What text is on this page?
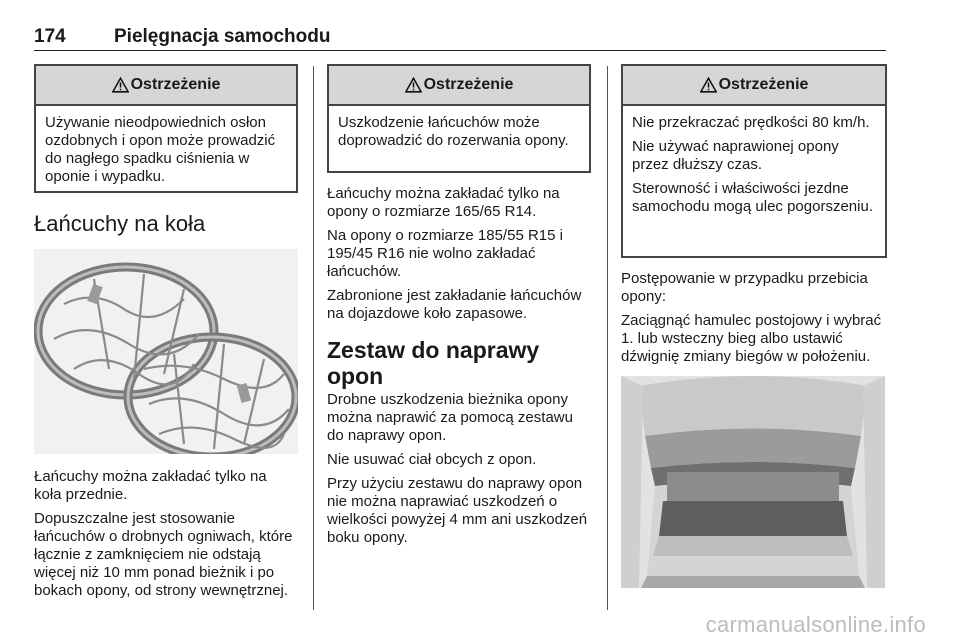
174	Pielęgnacja samochodu
Ostrzeżenie

Używanie nieodpowiednich osłon ozdobnych i opon może prowadzić do nagłego spadku ciśnienia w oponie i wypadku.

Łańcuchy na koła

Łańcuchy można zakładać tylko na koła przednie.

Dopuszczalne jest stosowanie łańcuchów o drobnych ogniwach, które łącznie z zamknięciem nie odstają więcej niż 10 mm ponad bieżnik i po bokach opony, od strony wewnętrznej.

Ostrzeżenie

Uszkodzenie łańcuchów może doprowadzić do rozerwania opony.

Łańcuchy można zakładać tylko na opony o rozmiarze 165/65 R14.

Na opony o rozmiarze 185/55 R15 i 195/45 R16 nie wolno zakładać łańcuchów.

Zabronione jest zakładanie łańcuchów na dojazdowe koło zapasowe.

Zestaw do naprawy opon

Drobne uszkodzenia bieżnika opony można naprawić za pomocą zestawu do naprawy opon.

Nie usuwać ciał obcych z opon.

Przy użyciu zestawu do naprawy opon nie można naprawiać uszkodzeń o wielkości powyżej 4 mm ani uszkodzeń boku opony.

Ostrzeżenie

Nie przekraczać prędkości 80 km/h.

Nie używać naprawionej opony przez dłuższy czas.

Sterowność i właściwości jezdne samochodu mogą ulec pogorszeniu.

Postępowanie w przypadku przebicia opony:

Zaciągnąć hamulec postojowy i wybrać 1. lub wsteczny bieg albo ustawić dźwignię zmiany biegów w położeniu.

carmanualsonline.info
